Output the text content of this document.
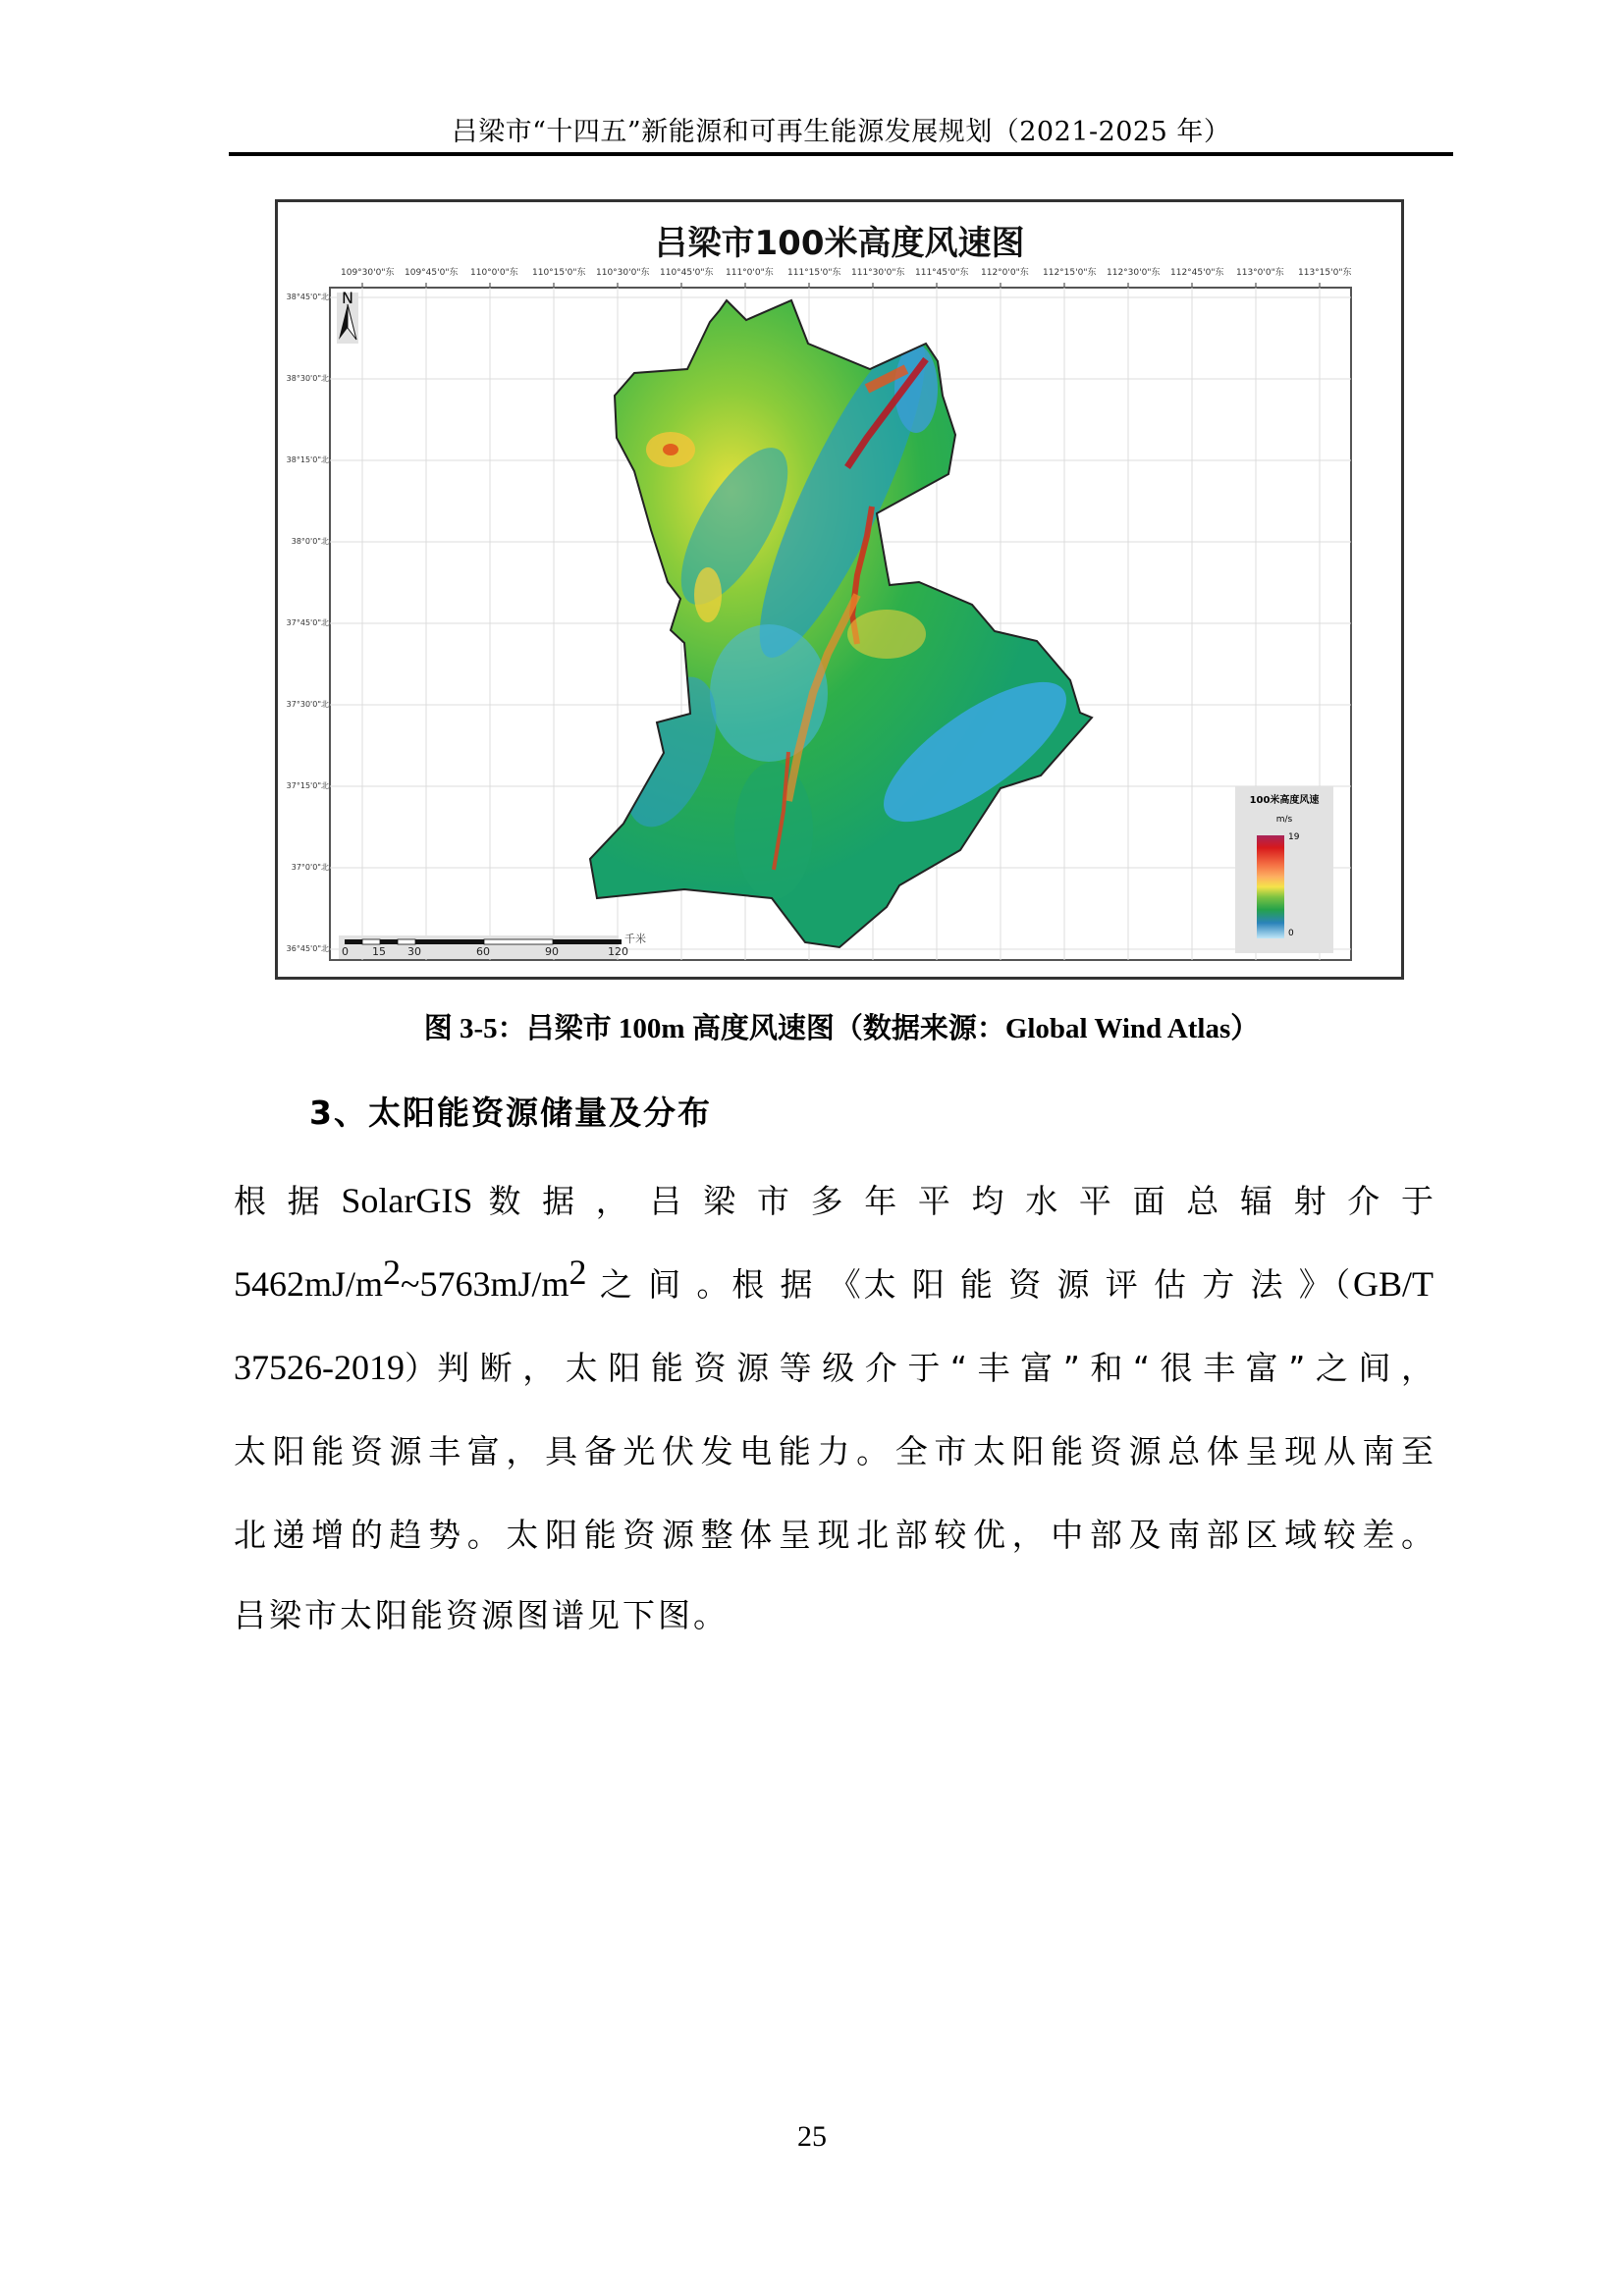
吕梁市“十四五”新能源和可再生能源发展规划（2021-2025 年）
吕梁市100米高度风速图
109°30'0"东 109°45'0"东 110°0'0"东 110°15'0"东 110°30'0"东 110°45'0"东 111°0'0"东 111°15'0"东 111°30'0"东 111°45'0"东 112°0'0"东 112°15'0"东 112°30'0"东 112°45'0"东 113°0'0"东 113°15'0"东
38°45'0"北
38°30'0"北
38°15'0"北
38°0'0"北
37°45'0"北
37°30'0"北
37°15'0"北
37°0'0"北
36°45'0"北
N
0 15 30	60	90	120
千米
100米高度风速
m/s
19
0
图 3-5：吕梁市 100m 高度风速图（数据来源：Global Wind Atlas）
3、太阳能资源储量及分布
根 据 SolarGIS 数 据 ， 吕 梁 市 多 年 平 均 水 平 面 总 辐 射 介 于
$5462mJ/m^2\sim 5763mJ/m^2$ 之 间 。根 据 《太 阳 能 资 源 评 估 方 法 》（GB/T
37526-2019）判 断 ， 太 阳 能 资 源 等 级 介 于 “ 丰 富 ” 和 “ 很 丰 富 ” 之 间 ，
太阳能资源丰富，具备光伏发电能力。全市太阳能资源总体呈现从南至
北递增的趋势。太阳能资源整体呈现北部较优，中部及南部区域较差。
吕梁市太阳能资源图谱见下图。
25
